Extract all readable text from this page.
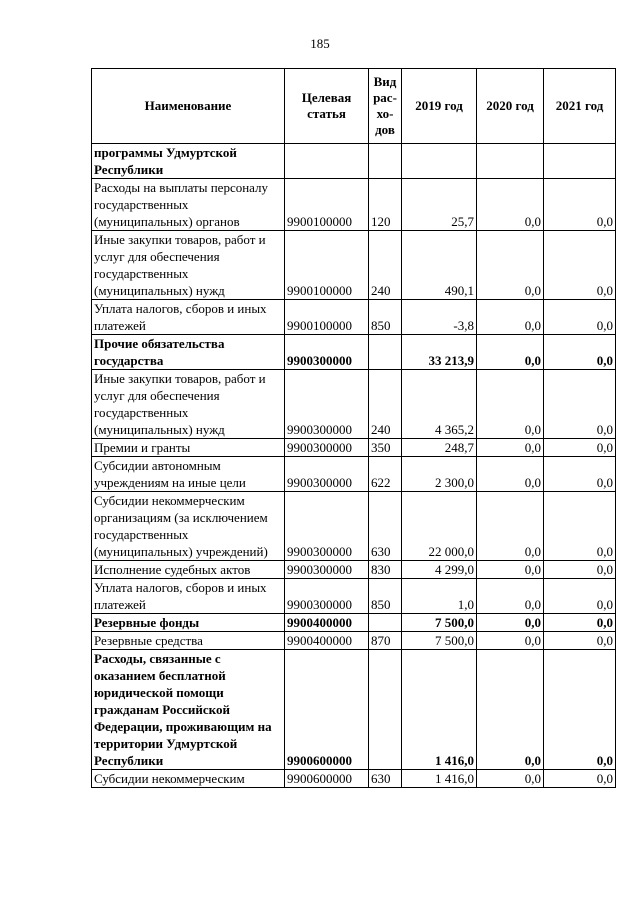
185
Наименование	Целевая статья	Вид рас-хо-дов	2019 год	2020 год	2021 год
программы Удмуртской Республики					
Расходы на выплаты персоналу государственных (муниципальных) органов	9900100000	120	25,7	0,0	0,0
Иные закупки товаров, работ и услуг для обеспечения государственных (муниципальных) нужд	9900100000	240	490,1	0,0	0,0
Уплата налогов, сборов и иных платежей	9900100000	850	-3,8	0,0	0,0
Прочие обязательства государства	9900300000		33 213,9	0,0	0,0
Иные закупки товаров, работ и услуг для обеспечения государственных (муниципальных) нужд	9900300000	240	4 365,2	0,0	0,0
Премии и гранты	9900300000	350	248,7	0,0	0,0
Субсидии автономным учреждениям на иные цели	9900300000	622	2 300,0	0,0	0,0
Субсидии некоммерческим организациям (за исключением государственных (муниципальных) учреждений)	9900300000	630	22 000,0	0,0	0,0
Исполнение судебных актов	9900300000	830	4 299,0	0,0	0,0
Уплата налогов, сборов и иных платежей	9900300000	850	1,0	0,0	0,0
Резервные фонды	9900400000		7 500,0	0,0	0,0
Резервные средства	9900400000	870	7 500,0	0,0	0,0
Расходы, связанные с оказанием бесплатной юридической помощи гражданам Российской Федерации, проживающим на территории Удмуртской Республики	9900600000		1 416,0	0,0	0,0
Субсидии некоммерческим	9900600000	630	1 416,0	0,0	0,0
